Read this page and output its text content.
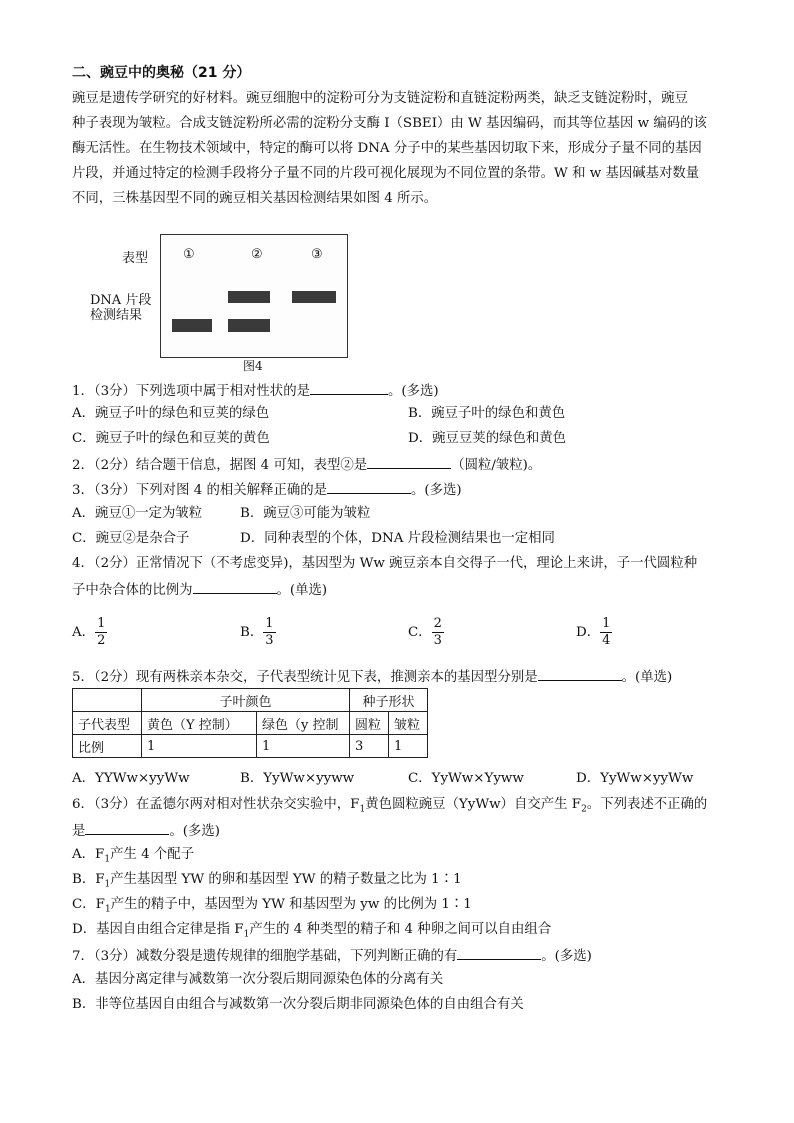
二、豌豆中的奥秘（21 分）
豌豆是遗传学研究的好材料。豌豆细胞中的淀粉可分为支链淀粉和直链淀粉两类，缺乏支链淀粉时，豌豆
种子表现为皱粒。合成支链淀粉所必需的淀粉分支酶 I（SBEI）由 W 基因编码，而其等位基因 w 编码的该
酶无活性。在生物技术领域中，特定的酶可以将 DNA 分子中的某些基因切取下来，形成分子量不同的基因
片段，并通过特定的检测手段将分子量不同的片段可视化展现为不同位置的条带。W 和 w 基因碱基对数量
不同，三株基因型不同的豌豆相关基因检测结果如图 4 所示。
表型
DNA 片段
检测结果
①	②	③
图4
1．（3分）下列选项中属于相对性状的是	。(多选)
A．豌豆子叶的绿色和豆荚的绿色	B．豌豆子叶的绿色和黄色
C．豌豆子叶的绿色和豆荚的黄色	D．豌豆豆荚的绿色和黄色
2．（2分）结合题干信息，据图 4 可知，表型②是	（圆粒/皱粒)。
3．（3分）下列对图 4 的相关解释正确的是	。(多选)
A．豌豆①一定为皱粒	B．豌豆③可能为皱粒
C．豌豆②是杂合子	D．同种表型的个体，DNA 片段检测结果也一定相同
4．（2分）正常情况下（不考虑变异)，基因型为 Ww 豌豆亲本自交得子一代，理论上来讲，子一代圆粒种
子中杂合体的比例为	。(单选)
A． $\frac{1}{2}$	B． $\frac{1}{3}$	C． $\frac{2}{3}$	D． $\frac{1}{4}$
5．（2分）现有两株亲本杂交，子代表型统计见下表，推测亲本的基因型分别是	。(单选)
	子叶颜色		种子形状	
子代表型	黄色（Y 控制）	绿色（y 控制	圆粒	皱粒
比例	1	1	3	1
A．YYWw×yyWw	B．YyWw×yyww	C．YyWw×Yyww	D．YyWw×yyWw
6．（3分）在孟德尔两对相对性状杂交实验中，$F_1$黄色圆粒豌豆（YyWw）自交产生 $F_2$。下列表述不正确的
是	。(多选)
A．$F_1$产生 4 个配子
B．$F_1$产生基因型 YW 的卵和基因型 YW 的精子数量之比为 1∶1
C．$F_1$产生的精子中，基因型为 YW 和基因型为 yw 的比例为 1∶1
D．基因自由组合定律是指 $F_1$产生的 4 种类型的精子和 4 种卵之间可以自由组合
7．（3分）减数分裂是遗传规律的细胞学基础，下列判断正确的有	。(多选)
A．基因分离定律与减数第一次分裂后期同源染色体的分离有关
B．非等位基因自由组合与减数第一次分裂后期非同源染色体的自由组合有关
